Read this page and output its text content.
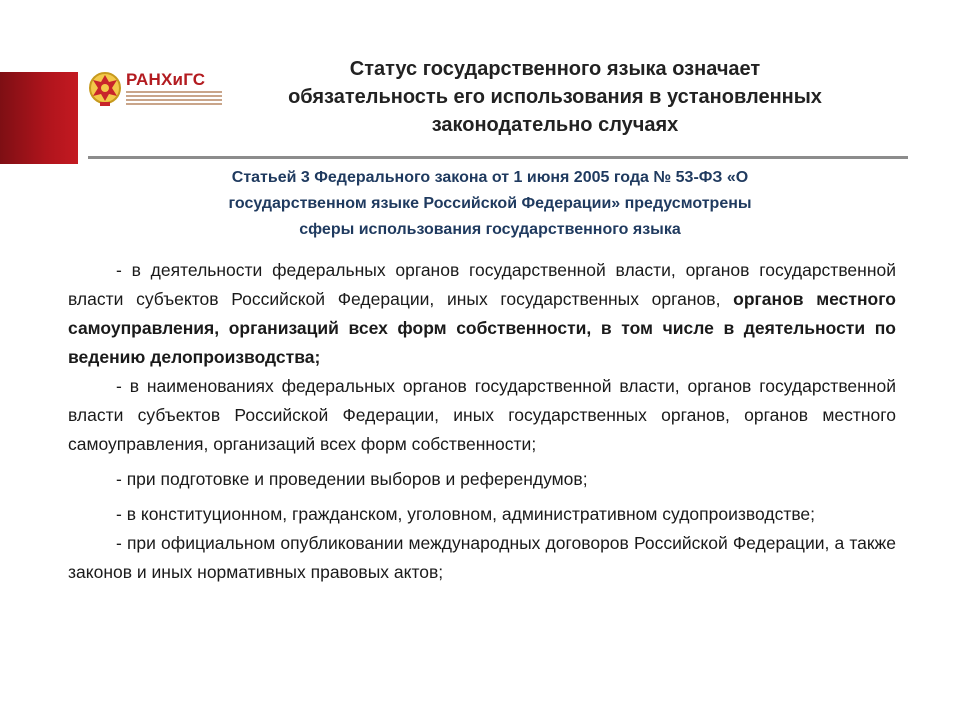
РАНХиГС	Статус государственного языка означает
обязательность его использования в установленных
законодательно случаях
Статьей 3 Федерального закона от 1 июня 2005 года № 53-ФЗ «О
государственном языке Российской Федерации» предусмотрены
сферы использования государственного языка

- в деятельности федеральных органов государственной власти, органов государственной власти субъектов Российской Федерации, иных государственных органов, органов местного самоуправления, организаций всех форм собственности, в том числе в деятельности по ведению делопроизводства;

- в наименованиях федеральных органов государственной власти, органов государственной власти субъектов Российской Федерации, иных государственных органов, органов местного самоуправления, организаций всех форм собственности;

- при подготовке и проведении выборов и референдумов;

- в конституционном, гражданском, уголовном, административном судопроизводстве;

- при официальном опубликовании международных договоров Российской Федерации, а также законов и иных нормативных правовых актов;
